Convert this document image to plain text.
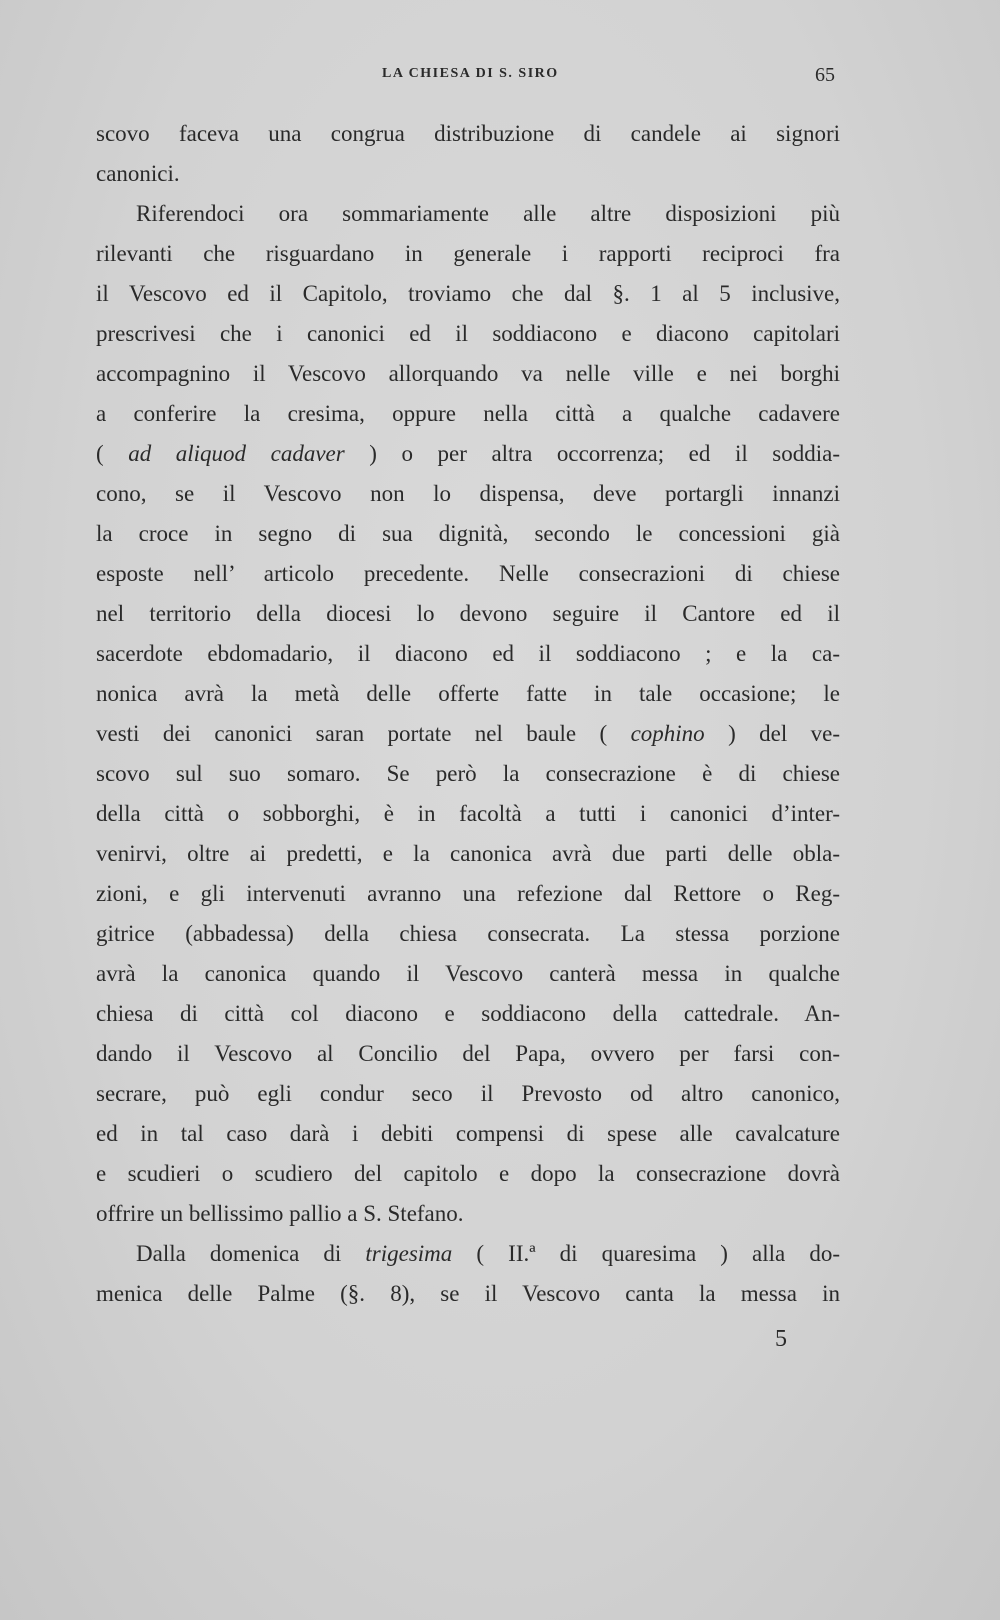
LA CHIESA DI S. SIRO	65
scovo faceva una congrua distribuzione di candele ai signori
canonici.
Riferendoci ora sommariamente alle altre disposizioni più
rilevanti che risguardano in generale i rapporti reciproci fra
il Vescovo ed il Capitolo, troviamo che dal §. 1 al 5 inclusive,
prescrivesi che i canonici ed il soddiacono e diacono capitolari
accompagnino il Vescovo allorquando va nelle ville e nei borghi
a conferire la cresima, oppure nella città a qualche cadavere
( ad aliquod cadaver ) o per altra occorrenza; ed il soddia-
cono, se il Vescovo non lo dispensa, deve portargli innanzi
la croce in segno di sua dignità, secondo le concessioni già
esposte nell’ articolo precedente. Nelle consecrazioni di chiese
nel territorio della diocesi lo devono seguire il Cantore ed il
sacerdote ebdomadario, il diacono ed il soddiacono ; e la ca-
nonica avrà la metà delle offerte fatte in tale occasione; le
vesti dei canonici saran portate nel baule ( cophino ) del ve-
scovo sul suo somaro. Se però la consecrazione è di chiese
della città o sobborghi, è in facoltà a tutti i canonici d’inter-
venirvi, oltre ai predetti, e la canonica avrà due parti delle obla-
zioni, e gli intervenuti avranno una refezione dal Rettore o Reg-
gitrice (abbadessa) della chiesa consecrata. La stessa porzione
avrà la canonica quando il Vescovo canterà messa in qualche
chiesa di città col diacono e soddiacono della cattedrale. An-
dando il Vescovo al Concilio del Papa, ovvero per farsi con-
secrare, può egli condur seco il Prevosto od altro canonico,
ed in tal caso darà i debiti compensi di spese alle cavalcature
e scudieri o scudiero del capitolo e dopo la consecrazione dovrà
offrire un bellissimo pallio a S. Stefano.
Dalla domenica di trigesima ( II.ª di quaresima ) alla do-
menica delle Palme (§. 8), se il Vescovo canta la messa in
5
